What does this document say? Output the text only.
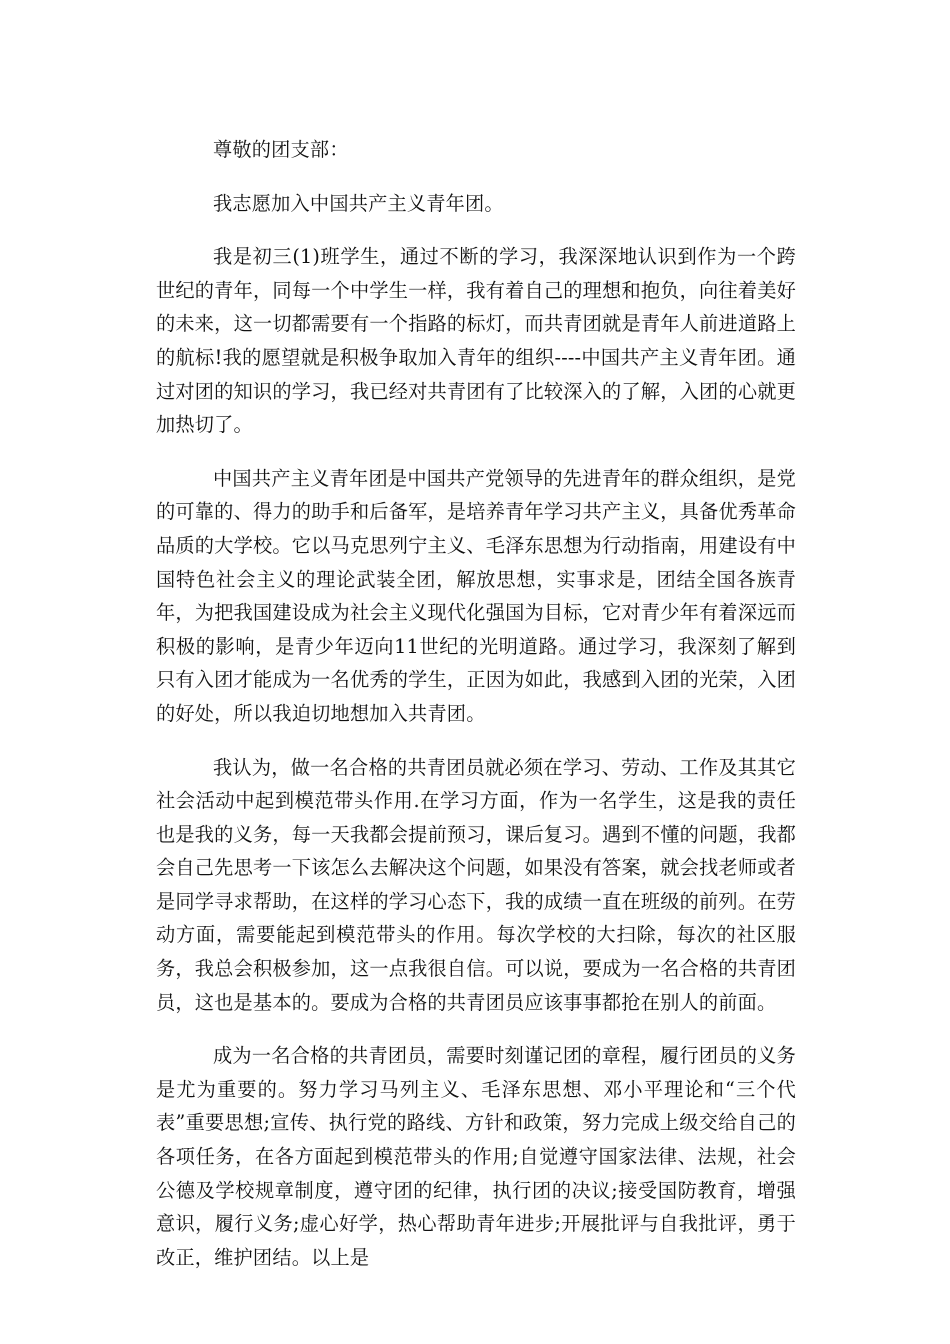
尊敬的团支部：

我志愿加入中国共产主义青年团。

我是初三(1)班学生，通过不断的学习，我深深地认识到作为一个跨世纪的青年，同每一个中学生一样，我有着自己的理想和抱负，向往着美好的未来，这一切都需要有一个指路的标灯，而共青团就是青年人前进道路上的航标!我的愿望就是积极争取加入青年的组织----中国共产主义青年团。通过对团的知识的学习，我已经对共青团有了比较深入的了解，入团的心就更加热切了。

中国共产主义青年团是中国共产党领导的先进青年的群众组织，是党的可靠的、得力的助手和后备军，是培养青年学习共产主义，具备优秀革命品质的大学校。它以马克思列宁主义、毛泽东思想为行动指南，用建设有中国特色社会主义的理论武装全团，解放思想，实事求是，团结全国各族青年，为把我国建设成为社会主义现代化强国为目标，它对青少年有着深远而积极的影响，是青少年迈向11世纪的光明道路。通过学习，我深刻了解到只有入团才能成为一名优秀的学生，正因为如此，我感到入团的光荣，入团的好处，所以我迫切地想加入共青团。

我认为，做一名合格的共青团员就必须在学习、劳动、工作及其其它社会活动中起到模范带头作用.在学习方面，作为一名学生，这是我的责任也是我的义务，每一天我都会提前预习，课后复习。遇到不懂的问题，我都会自己先思考一下该怎么去解决这个问题，如果没有答案，就会找老师或者是同学寻求帮助，在这样的学习心态下，我的成绩一直在班级的前列。在劳动方面，需要能起到模范带头的作用。每次学校的大扫除，每次的社区服务，我总会积极参加，这一点我很自信。可以说，要成为一名合格的共青团员，这也是基本的。要成为合格的共青团员应该事事都抢在别人的前面。

成为一名合格的共青团员，需要时刻谨记团的章程，履行团员的义务是尤为重要的。努力学习马列主义、毛泽东思想、邓小平理论和“三个代表”重要思想;宣传、执行党的路线、方针和政策，努力完成上级交给自己的各项任务，在各方面起到模范带头的作用;自觉遵守国家法律、法规，社会公德及学校规章制度，遵守团的纪律，执行团的决议;接受国防教育，增强意识，履行义务;虚心好学，热心帮助青年进步;开展批评与自我批评，勇于改正，维护团结。以上是
